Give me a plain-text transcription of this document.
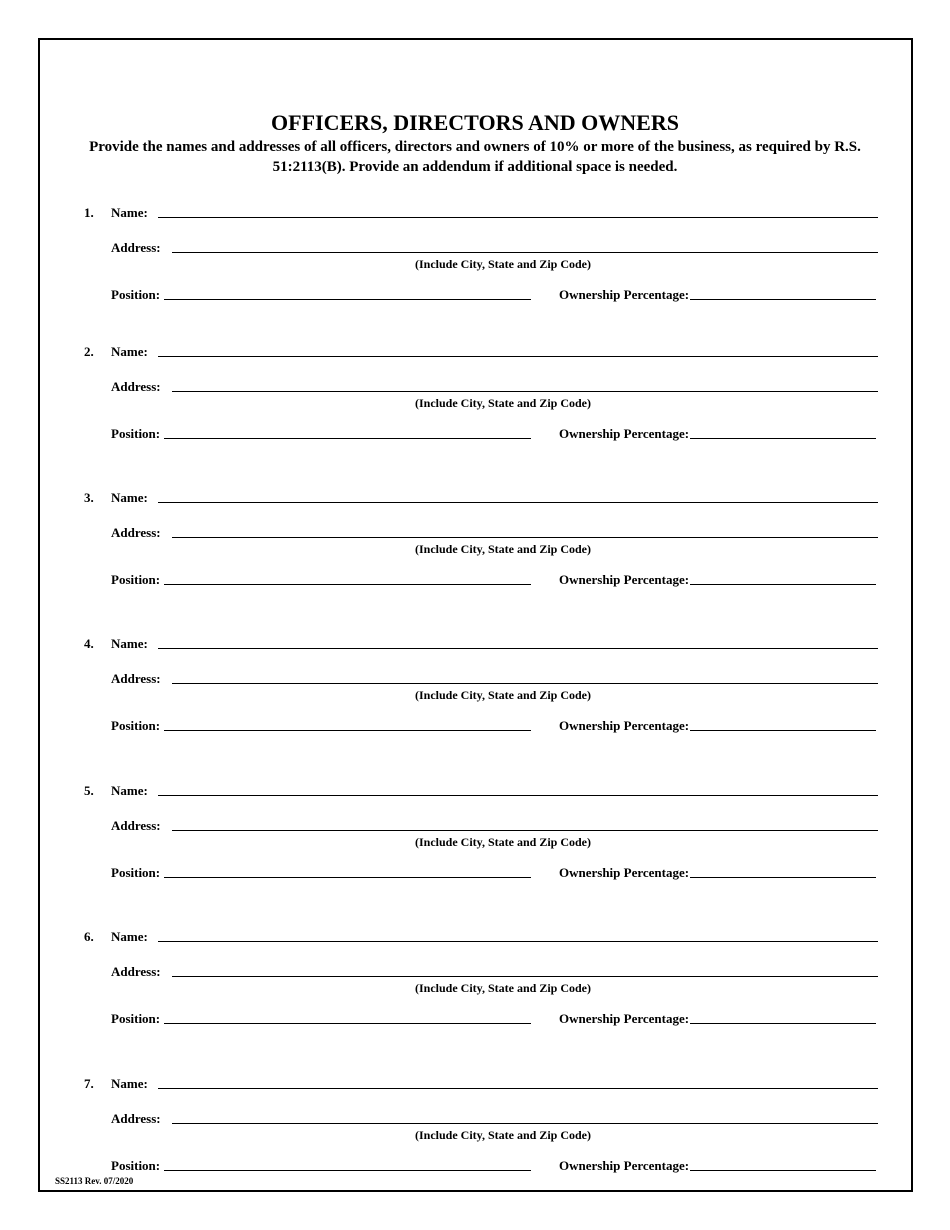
OFFICERS, DIRECTORS AND OWNERS
Provide the names and addresses of all officers, directors and owners of 10% or more of the business, as required by R.S. 51:2113(B). Provide an addendum if additional space is needed.
1. Name:
Address:
(Include City, State and Zip Code)
Position:	Ownership Percentage:
2. Name:
Address:
(Include City, State and Zip Code)
Position:	Ownership Percentage:
3. Name:
Address:
(Include City, State and Zip Code)
Position:	Ownership Percentage:
4. Name:
Address:
(Include City, State and Zip Code)
Position:	Ownership Percentage:
5. Name:
Address:
(Include City, State and Zip Code)
Position:	Ownership Percentage:
6. Name:
Address:
(Include City, State and Zip Code)
Position:	Ownership Percentage:
7. Name:
Address:
(Include City, State and Zip Code)
Position:	Ownership Percentage:
SS2113 Rev. 07/2020
